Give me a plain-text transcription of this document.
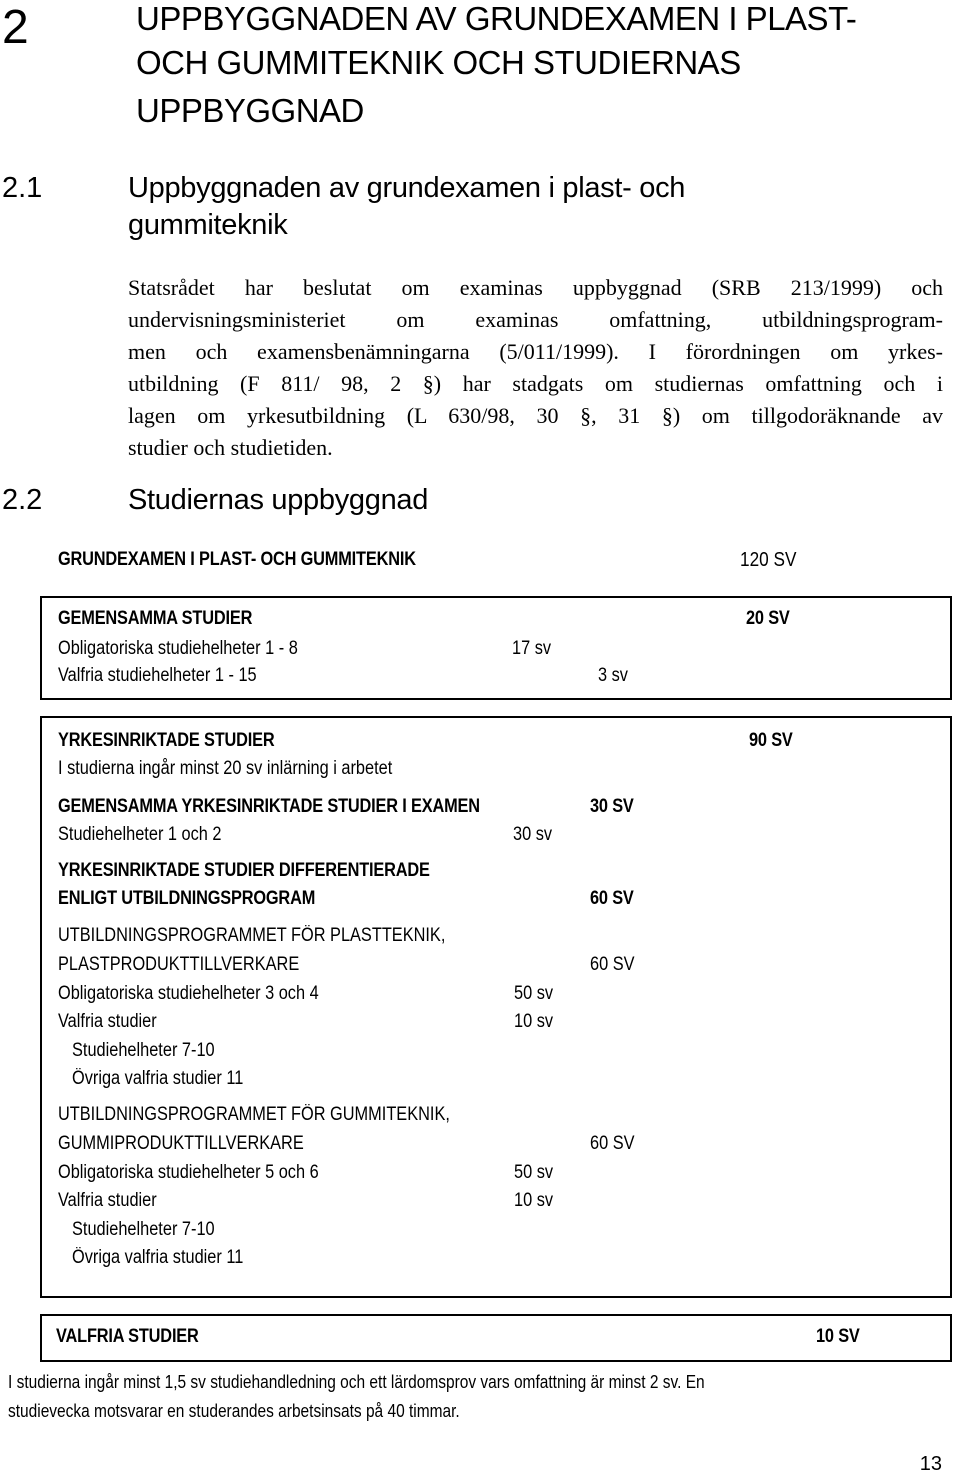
2	UPPBYGGNADEN AV GRUNDEXAMEN I PLAST-
OCH GUMMITEKNIK OCH STUDIERNAS
UPPBYGGNAD
2.1	Uppbyggnaden av grundexamen i plast- och
gummiteknik
Statsrådet har beslutat om examinas uppbyggnad (SRB 213/1999) och
undervisningsministeriet om examinas omfattning, utbildningsprogram-
men och examensbenämningarna (5/011/1999). I förordningen om yrkes-
utbildning (F 811/ 98, 2 §) har stadgats om studiernas omfattning och i
lagen om yrkesutbildning (L 630/98, 30 §, 31 §) om tillgodoräknande av
studier och studietiden.
2.2	Studiernas uppbyggnad
GRUNDEXAMEN I PLAST- OCH GUMMITEKNIK	120 SV
GEMENSAMMA STUDIER	20 SV
Obligatoriska studiehelheter 1 - 8	17 sv
Valfria studiehelheter 1 - 15	3 sv
YRKESINRIKTADE STUDIER	90 SV
I studierna ingår minst 20 sv inlärning i arbetet
GEMENSAMMA YRKESINRIKTADE STUDIER I EXAMEN	30 SV
Studiehelheter 1 och 2	30 sv
YRKESINRIKTADE STUDIER DIFFERENTIERADE
ENLIGT UTBILDNINGSPROGRAM	60 SV
UTBILDNINGSPROGRAMMET FÖR PLASTTEKNIK,
PLASTPRODUKTTILLVERKARE	60 SV
Obligatoriska studiehelheter 3 och 4	50 sv
Valfria studier	10 sv
Studiehelheter 7-10
Övriga valfria studier 11
UTBILDNINGSPROGRAMMET FÖR GUMMITEKNIK,
GUMMIPRODUKTTILLVERKARE	60 SV
Obligatoriska studiehelheter 5 och 6	50 sv
Valfria studier	10 sv
Studiehelheter 7-10
Övriga valfria studier 11
VALFRIA STUDIER	10 SV
I studierna ingår minst 1,5 sv studiehandledning och ett lärdomsprov vars omfattning är minst 2 sv. En
studievecka motsvarar en studerandes arbetsinsats på 40 timmar.
13
